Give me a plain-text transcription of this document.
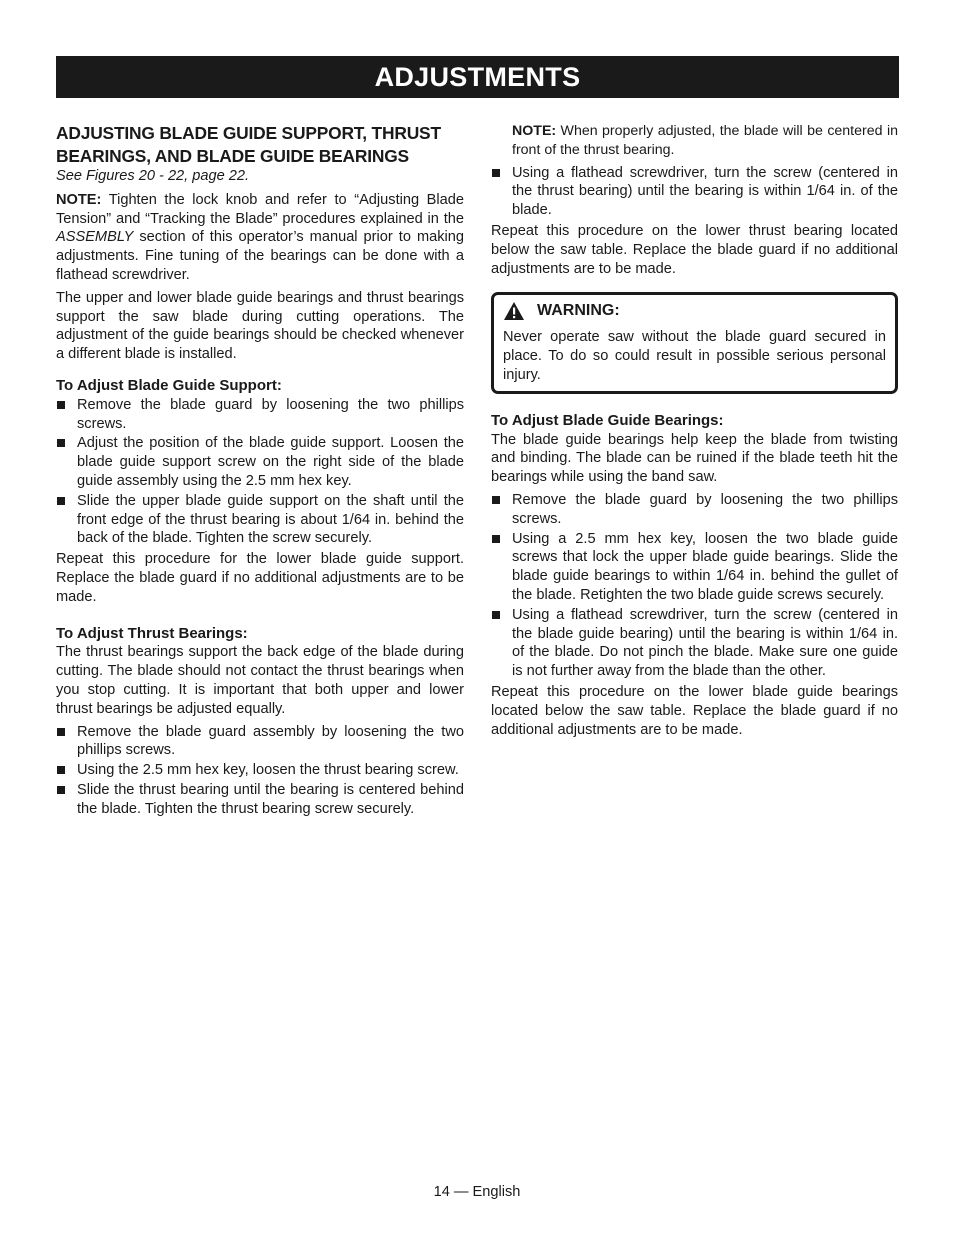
ADJUSTMENTS
ADJUSTING BLADE GUIDE SUPPORT, THRUST BEARINGS, AND BLADE GUIDE BEARINGS
See Figures 20 - 22, page 22.

NOTE: Tighten the lock knob and refer to “Adjusting Blade Tension” and “Tracking the Blade” procedures explained in the ASSEMBLY section of this operator’s manual prior to making adjustments. Fine tuning of the bearings can be done with a flathead screwdriver.

The upper and lower blade guide bearings and thrust bearings support the saw blade during cutting operations. The adjustment of the guide bearings should be checked whenever a different blade is installed.

To Adjust Blade Guide Support:
Remove the blade guard by loosening the two phillips screws.
Adjust the position of the blade guide support. Loosen the blade guide support screw on the right side of the blade guide assembly using the 2.5 mm hex key.
Slide the upper blade guide support on the shaft until the front edge of the thrust bearing is about 1/64 in. behind the back of the blade. Tighten the screw securely.

Repeat this procedure for the lower blade guide support. Replace the blade guard if no additional adjustments are to be made.

To Adjust Thrust Bearings:

The thrust bearings support the back edge of the blade during cutting. The blade should not contact the thrust bearings when you stop cutting. It is important that both upper and lower thrust bearings be adjusted equally.

Remove the blade guard assembly by loosening the two phillips screws.
Using the 2.5 mm hex key, loosen the thrust bearing screw.
Slide the thrust bearing until the bearing is centered behind the blade. Tighten the thrust bearing screw securely.

NOTE: When properly adjusted, the blade will be centered in front of the thrust bearing.

Using a flathead screwdriver, turn the screw (centered in the thrust bearing) until the bearing is within 1/64 in. of the blade.

Repeat this procedure on the lower thrust bearing located below the saw table. Replace the blade guard if no additional adjustments are to be made.

WARNING:

Never operate saw without the blade guard secured in place. To do so could result in possible serious personal injury.

To Adjust Blade Guide Bearings:

The blade guide bearings help keep the blade from twisting and binding. The blade can be ruined if the blade teeth hit the bearings while using the band saw.

Remove the blade guard by loosening the two phillips screws.
Using a 2.5 mm hex key, loosen the two blade guide screws that lock the upper blade guide bearings. Slide the blade guide bearings to within 1/64 in. behind the gullet of the blade. Retighten the two blade guide screws securely.
Using a flathead screwdriver, turn the screw (centered in the blade guide bearing) until the bearing is within 1/64 in. of the blade. Do not pinch the blade. Make sure one guide is not further away from the blade than the other.

Repeat this procedure on the lower blade guide bearings located below the saw table. Replace the blade guard if no additional adjustments are to be made.

14 — English
